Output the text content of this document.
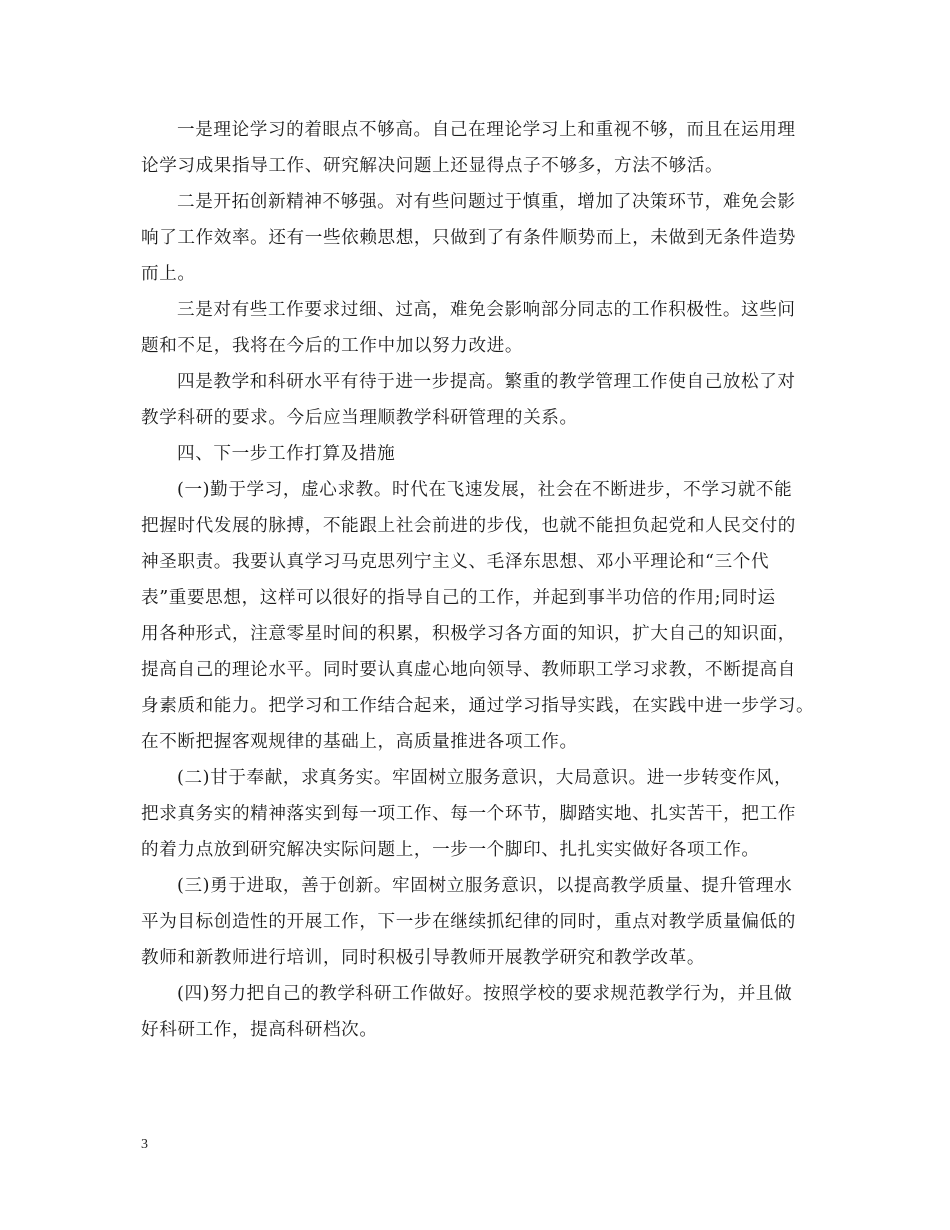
一是理论学习的着眼点不够高。自己在理论学习上和重视不够，而且在运用理
论学习成果指导工作、研究解决问题上还显得点子不够多，方法不够活。

二是开拓创新精神不够强。对有些问题过于慎重，增加了决策环节，难免会影
响了工作效率。还有一些依赖思想，只做到了有条件顺势而上，未做到无条件造势
而上。

三是对有些工作要求过细、过高，难免会影响部分同志的工作积极性。这些问
题和不足，我将在今后的工作中加以努力改进。

四是教学和科研水平有待于进一步提高。繁重的教学管理工作使自己放松了对
教学科研的要求。今后应当理顺教学科研管理的关系。

四、下一步工作打算及措施

(一)勤于学习，虚心求教。时代在飞速发展，社会在不断进步，不学习就不能
把握时代发展的脉搏，不能跟上社会前进的步伐，也就不能担负起党和人民交付的
神圣职责。我要认真学习马克思列宁主义、毛泽东思想、邓小平理论和“三个代
表”重要思想，这样可以很好的指导自己的工作，并起到事半功倍的作用;同时运
用各种形式，注意零星时间的积累，积极学习各方面的知识，扩大自己的知识面，
提高自己的理论水平。同时要认真虚心地向领导、教师职工学习求教，不断提高自
身素质和能力。把学习和工作结合起来，通过学习指导实践，在实践中进一步学习。
在不断把握客观规律的基础上，高质量推进各项工作。

(二)甘于奉献，求真务实。牢固树立服务意识，大局意识。进一步转变作风，
把求真务实的精神落实到每一项工作、每一个环节，脚踏实地、扎实苦干，把工作
的着力点放到研究解决实际问题上，一步一个脚印、扎扎实实做好各项工作。

(三)勇于进取，善于创新。牢固树立服务意识，以提高教学质量、提升管理水
平为目标创造性的开展工作，下一步在继续抓纪律的同时，重点对教学质量偏低的
教师和新教师进行培训，同时积极引导教师开展教学研究和教学改革。

(四)努力把自己的教学科研工作做好。按照学校的要求规范教学行为，并且做
好科研工作，提高科研档次。

3
